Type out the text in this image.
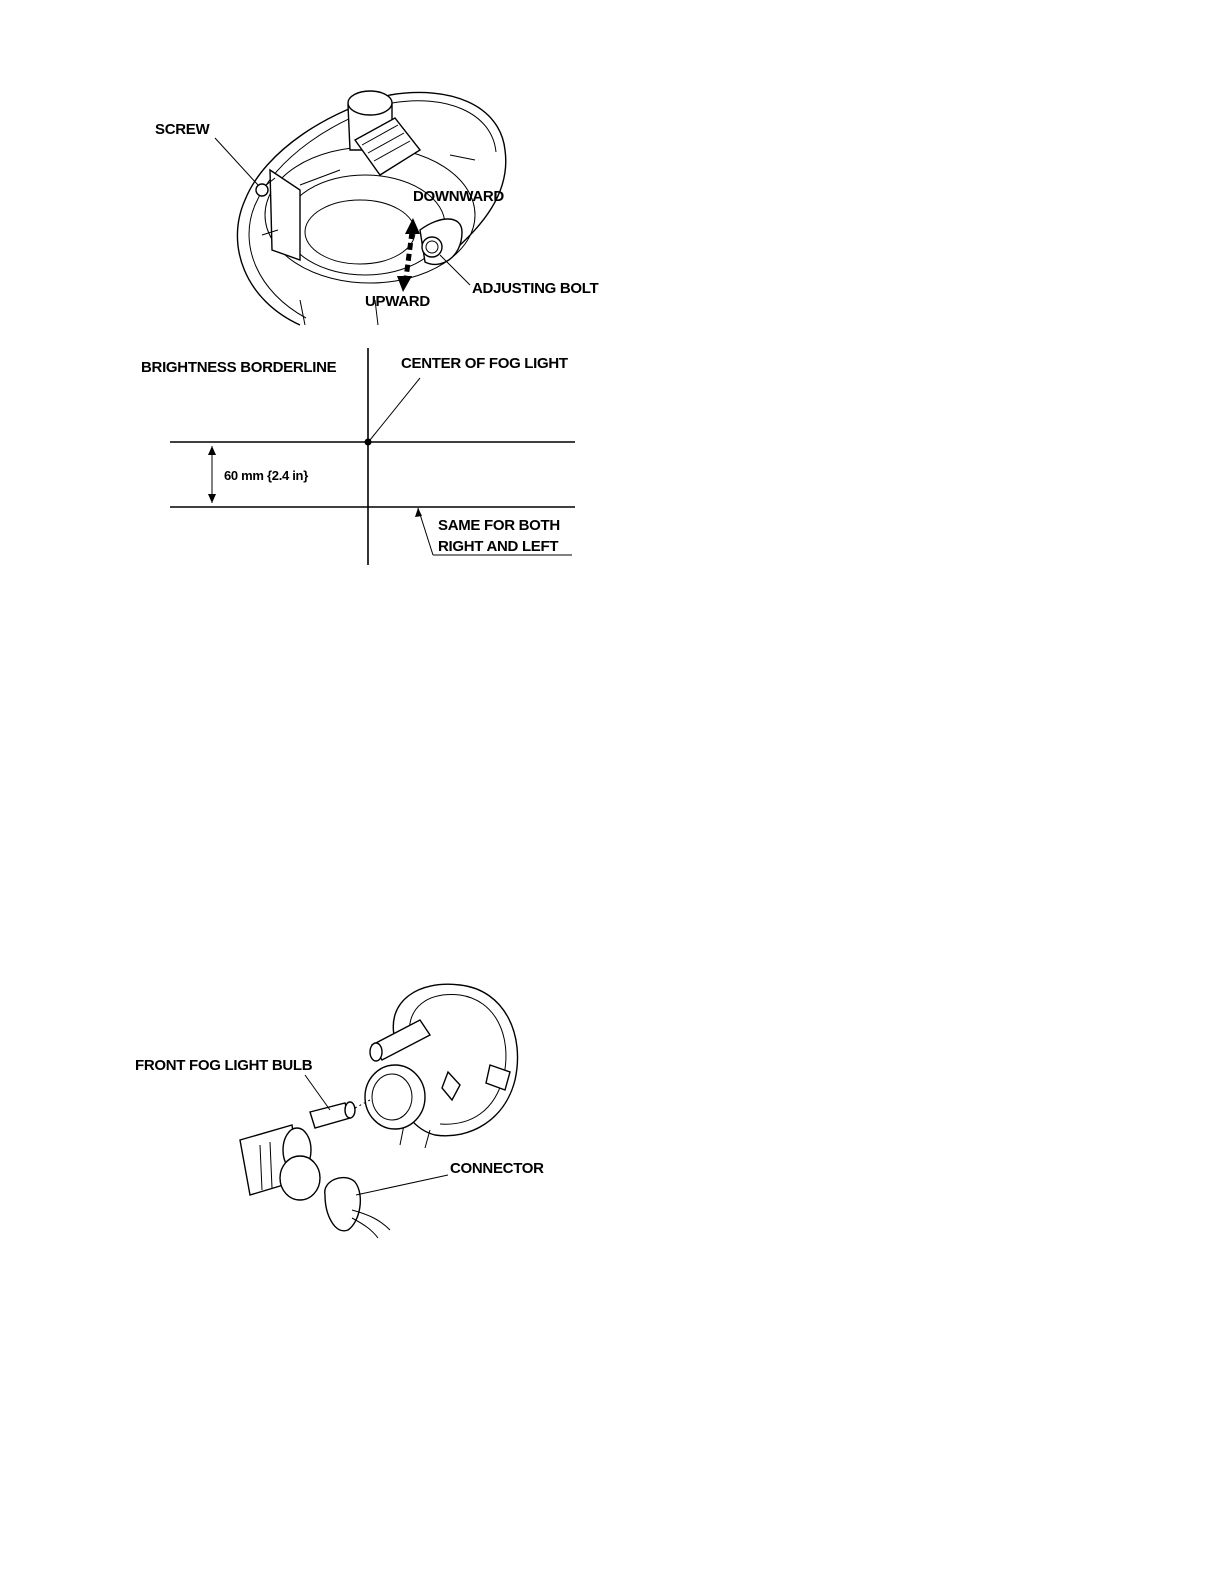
SCREW
DOWNWARD
UPWARD
ADJUSTING BOLT
BRIGHTNESS BORDERLINE	CENTER OF FOG LIGHT
60 mm {2.4 in}
SAME FOR BOTH
RIGHT AND LEFT
FRONT FOG LIGHT BULB
CONNECTOR
